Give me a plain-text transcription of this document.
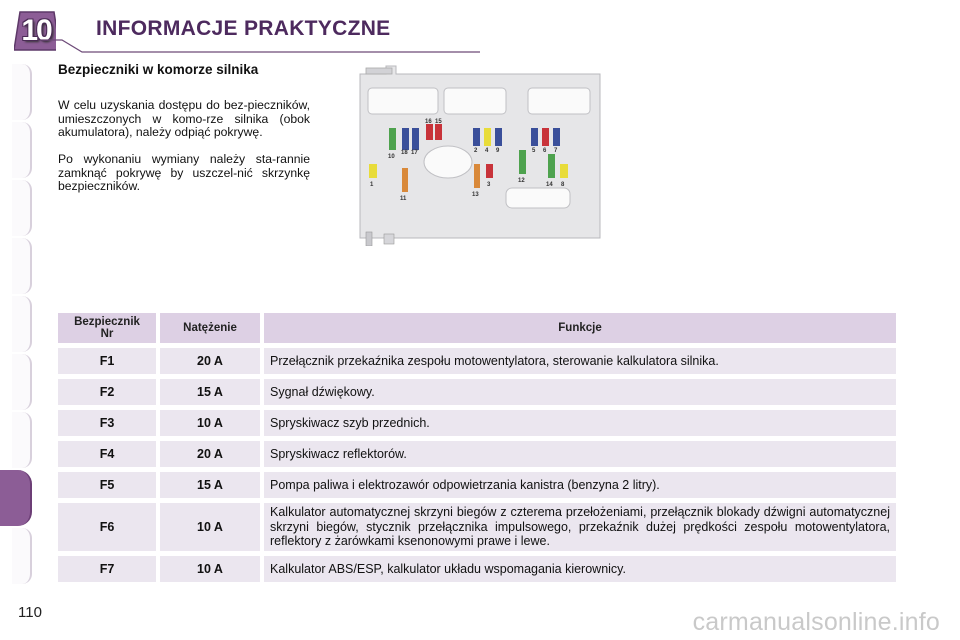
10 INFORMACJE PRAKTYCZNE
Bezpieczniki w komorze silnika
W celu uzyskania dostępu do bez-pieczników, umieszczonych w komo-rze silnika (obok akumulatora), należy odpiąć pokrywę.
Po wykonaniu wymiany należy sta-rannie zamknąć pokrywę by uszczel-nić skrzynkę bezpieczników.
16 15
10
18 17	2 4 9	5 6 7
1	3
11
12
13
14 8
Bezpiecznik Nr	Natężenie	Funkcje
F1	20 A	Przełącznik przekaźnika zespołu motowentylatora, sterowanie kalkulatora silnika.
F2	15 A	Sygnał dźwiękowy.
F3	10 A	Spryskiwacz szyb przednich.
F4	20 A	Spryskiwacz reflektorów.
F5	15 A	Pompa paliwa i elektrozawór odpowietrzania kanistra (benzyna 2 litry).
F6	10 A	Kalkulator automatycznej skrzyni biegów z czterema przełożeniami, przełącznik blokady dźwigni automatycznej skrzyni biegów, stycznik przełącznika impulsowego, przekaźnik dużej prędkości zespołu motowentylatora, reflektory z żarówkami ksenonowymi prawe i lewe.
F7	10 A	Kalkulator ABS/ESP, kalkulator układu wspomagania kierownicy.
110	carmanualsonline.info
